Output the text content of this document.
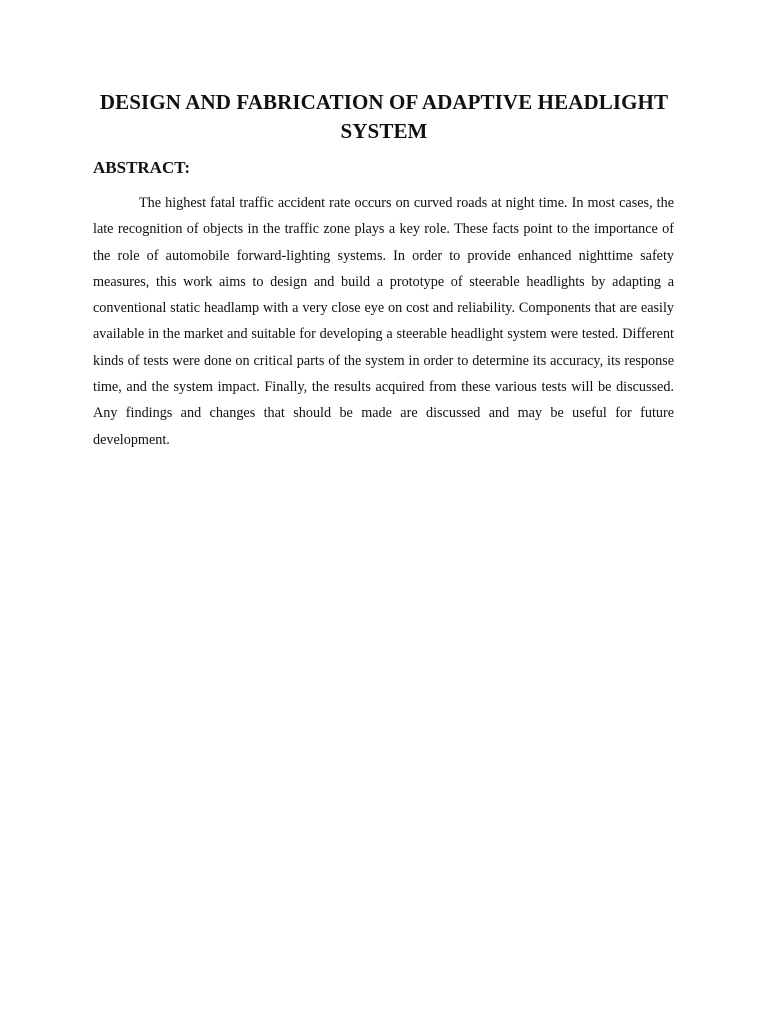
DESIGN AND FABRICATION OF ADAPTIVE HEADLIGHT SYSTEM
ABSTRACT:

The highest fatal traffic accident rate occurs on curved roads at night time. In most cases, the late recognition of objects in the traffic zone plays a key role. These facts point to the importance of the role of automobile forward-lighting systems. In order to provide enhanced nighttime safety measures, this work aims to design and build a prototype of steerable headlights by adapting a conventional static headlamp with a very close eye on cost and reliability. Components that are easily available in the market and suitable for developing a steerable headlight system were tested. Different kinds of tests were done on critical parts of the system in order to determine its accuracy, its response time, and the system impact. Finally, the results acquired from these various tests will be discussed. Any findings and changes that should be made are discussed and may be useful for future development.
